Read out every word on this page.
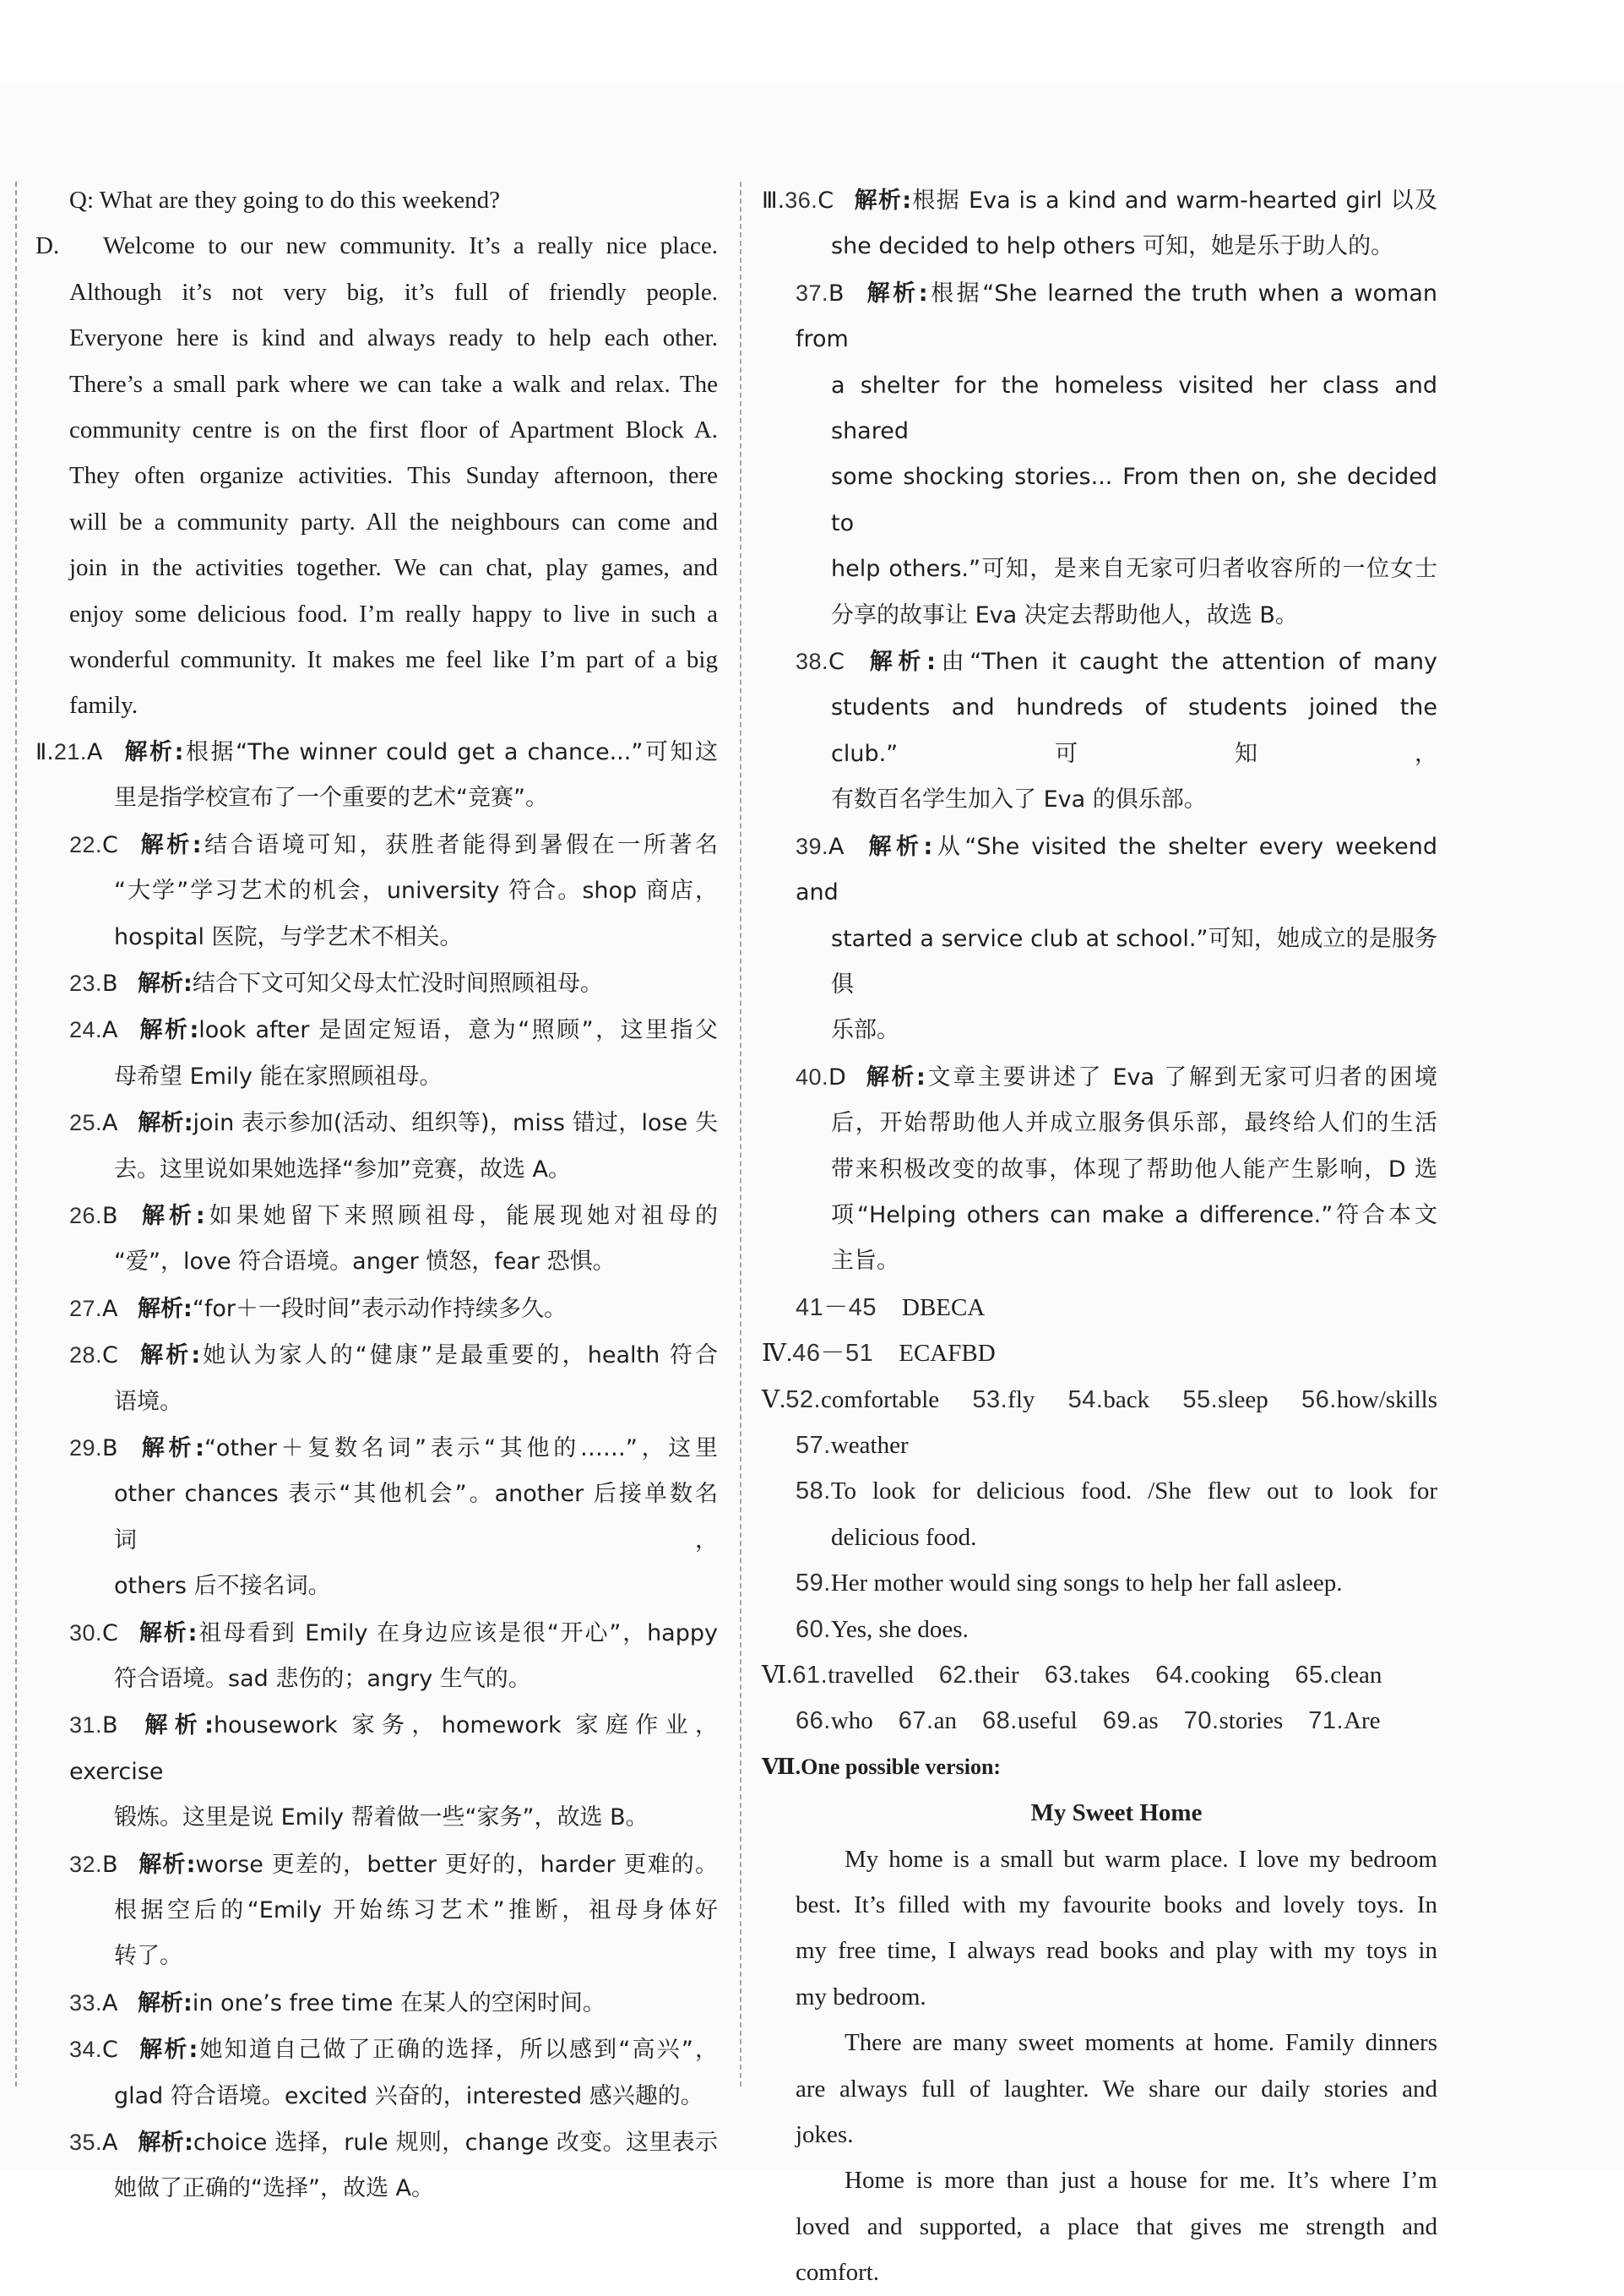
Q: What are they going to do this weekend?
D. Welcome to our new community. It’s a really nice place.
Although it’s not very big, it’s full of friendly people.
Everyone here is kind and always ready to help each other.
There’s a small park where we can take a walk and relax. The
community centre is on the first floor of Apartment Block A.
They often organize activities. This Sunday afternoon, there
will be a community party. All the neighbours can come and
join in the activities together. We can chat, play games, and
enjoy some delicious food. I’m really happy to live in such a
wonderful community. It makes me feel like I’m part of a big
family.
Ⅱ.21.A 解析:根据“The winner could get a chance...”可知这
里是指学校宣布了一个重要的艺术“竞赛”。
22.C 解析:结合语境可知，获胜者能得到暑假在一所著名
“大学”学习艺术的机会，university 符合。shop 商店，
hospital 医院，与学艺术不相关。
23.B 解析:结合下文可知父母太忙没时间照顾祖母。
24.A 解析:look after 是固定短语，意为“照顾”，这里指父
母希望 Emily 能在家照顾祖母。
25.A 解析:join 表示参加(活动、组织等)，miss 错过，lose 失
去。这里说如果她选择“参加”竞赛，故选 A。
26.B 解析:如果她留下来照顾祖母，能展现她对祖母的
“爱”，love 符合语境。anger 愤怒，fear 恐惧。
27.A 解析:“for＋一段时间”表示动作持续多久。
28.C 解析:她认为家人的“健康”是最重要的，health 符合
语境。
29.B 解析:“other＋复数名词”表示“其他的……”，这里
other chances 表示“其他机会”。another 后接单数名词，
others 后不接名词。
30.C 解析:祖母看到 Emily 在身边应该是很“开心”，happy
符合语境。sad 悲伤的；angry 生气的。
31.B 解析:housework 家务，homework 家庭作业，exercise
锻炼。这里是说 Emily 帮着做一些“家务”，故选 B。
32.B 解析:worse 更差的，better 更好的，harder 更难的。
根据空后的“Emily 开始练习艺术”推断，祖母身体好
转了。
33.A 解析:in one’s free time 在某人的空闲时间。
34.C 解析:她知道自己做了正确的选择，所以感到“高兴”，
glad 符合语境。excited 兴奋的，interested 感兴趣的。
35.A 解析:choice 选择，rule 规则，change 改变。这里表示
她做了正确的“选择”，故选 A。
Ⅲ.36.C 解析:根据 Eva is a kind and warm-hearted girl 以及
she decided to help others 可知，她是乐于助人的。
37.B 解析:根据“She learned the truth when a woman from
a shelter for the homeless visited her class and shared
some shocking stories... From then on, she decided to
help others.”可知，是来自无家可归者收容所的一位女士
分享的故事让 Eva 决定去帮助他人，故选 B。
38.C 解析:由“Then it caught the attention of many
students and hundreds of students joined the club.”可知，
有数百名学生加入了 Eva 的俱乐部。
39.A 解析:从“She visited the shelter every weekend and
started a service club at school.”可知，她成立的是服务俱
乐部。
40.D 解析:文章主要讲述了 Eva 了解到无家可归者的困境
后，开始帮助他人并成立服务俱乐部，最终给人们的生活
带来积极改变的故事，体现了帮助他人能产生影响，D 选
项“Helping others can make a difference.”符合本文
主旨。
41－45 DBECA
Ⅳ.46－51 ECAFBD
Ⅴ.52.comfortable 53.fly 54.back 55.sleep 56.how/skills
57.weather
58.To look for delicious food. /She flew out to look for
delicious food.
59.Her mother would sing songs to help her fall asleep.
60.Yes, she does.
Ⅵ.61.travelled 62.their 63.takes 64.cooking 65.clean
66.who 67.an 68.useful 69.as 70.stories 71.Are
Ⅶ.One possible version:
My Sweet Home
My home is a small but warm place. I love my bedroom
best. It’s filled with my favourite books and lovely toys. In
my free time, I always read books and play with my toys in
my bedroom.
There are many sweet moments at home. Family dinners
are always full of laughter. We share our daily stories and
jokes.
Home is more than just a house for me. It’s where I’m
loved and supported, a place that gives me strength and
comfort.
